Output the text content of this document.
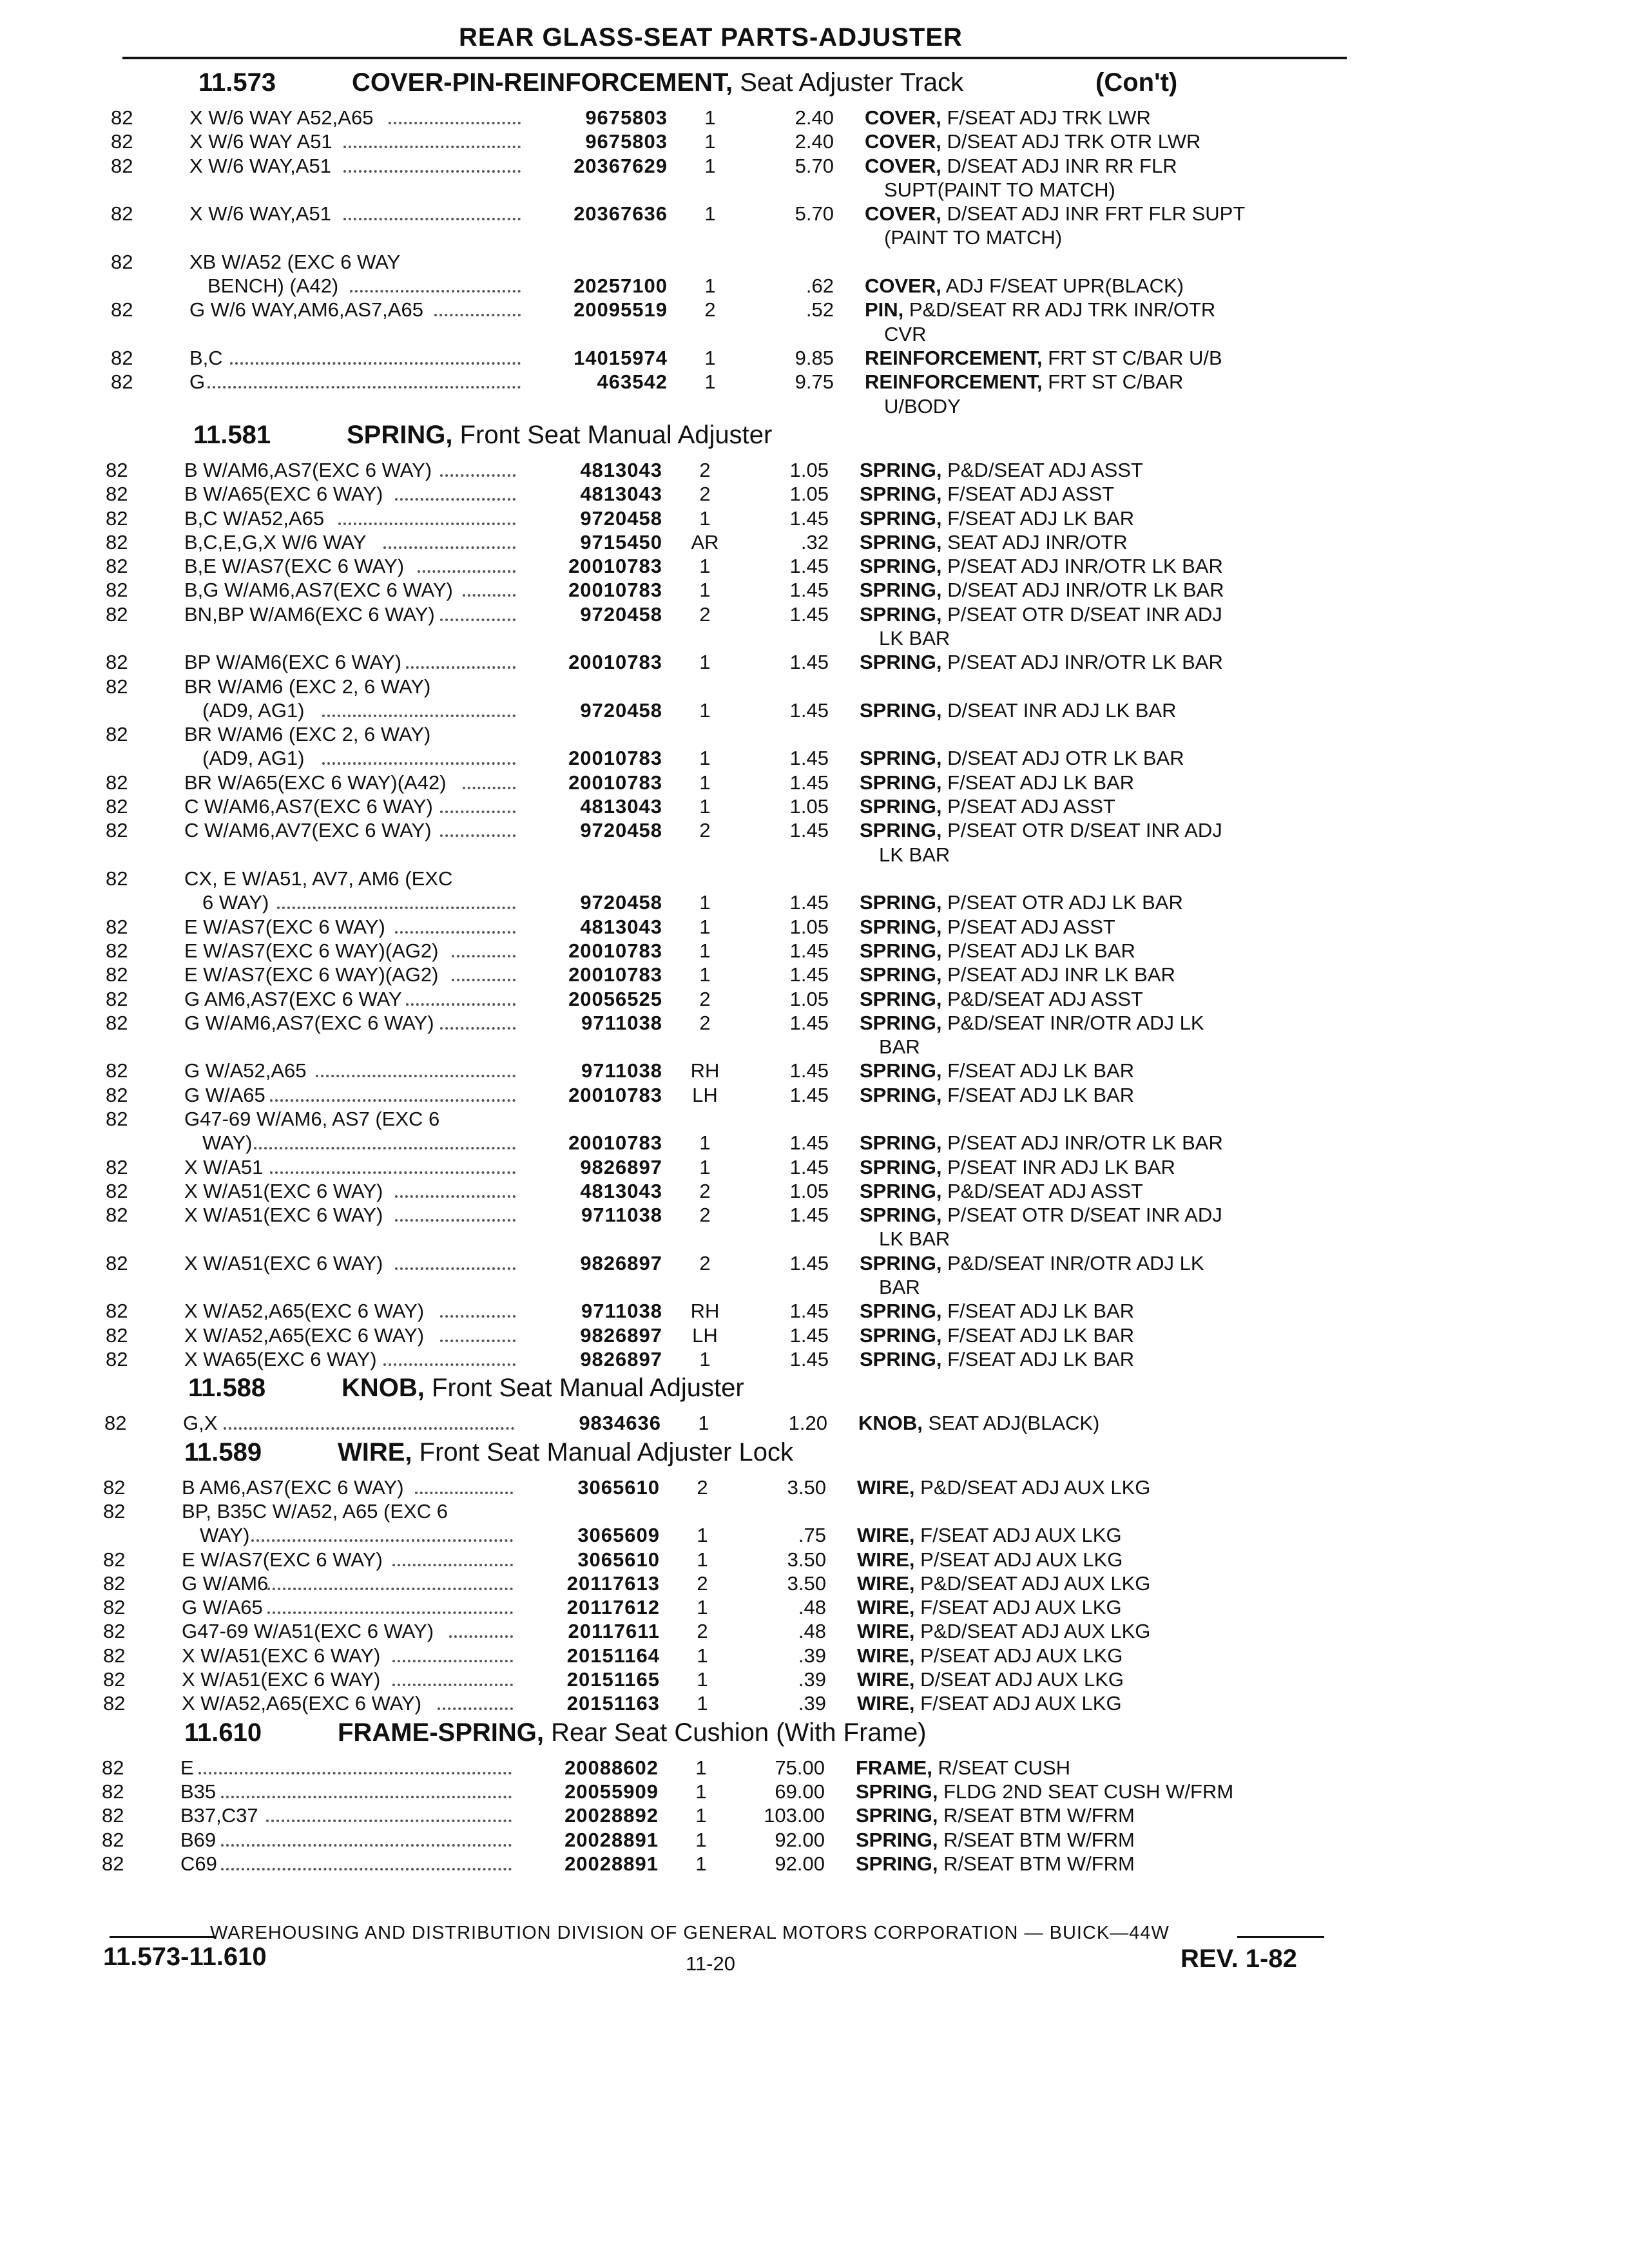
REAR GLASS-SEAT PARTS-ADJUSTER
11.573	COVER-PIN-REINFORCEMENT, Seat Adjuster Track	(Con't)
82	X W/6 WAY A52,A65	9675803	1	2.40 COVER, F/SEAT ADJ TRK LWR
82	X W/6 WAY A51	9675803	1	2.40 COVER, D/SEAT ADJ TRK OTR LWR
82	X W/6 WAY,A51	20367629	1	5.70 COVER, D/SEAT ADJ INR RR FLR
SUPT(PAINT TO MATCH)
82	X W/6 WAY,A51	20367636	1	5.70 COVER, D/SEAT ADJ INR FRT FLR SUPT
(PAINT TO MATCH)
82	XB W/A52 (EXC 6 WAY
BENCH) (A42)	20257100	1	.62 COVER, ADJ F/SEAT UPR(BLACK)
82	G W/6 WAY,AM6,AS7,A65	20095519	2	.52 PIN, P&D/SEAT RR ADJ TRK INR/OTR
CVR
82	B,C	14015974	1	9.85 REINFORCEMENT, FRT ST C/BAR U/B
82	G	463542	1	9.75 REINFORCEMENT, FRT ST C/BAR
U/BODY
11.581	SPRING, Front Seat Manual Adjuster
82	B W/AM6,AS7(EXC 6 WAY)	4813043	2	1.05 SPRING, P&D/SEAT ADJ ASST
82	B W/A65(EXC 6 WAY)	4813043	2	1.05 SPRING, F/SEAT ADJ ASST
82	B,C W/A52,A65	9720458	1	1.45 SPRING, F/SEAT ADJ LK BAR
82	B,C,E,G,X W/6 WAY	9715450 AR	.32 SPRING, SEAT ADJ INR/OTR
82	B,E W/AS7(EXC 6 WAY)	20010783	1	1.45 SPRING, P/SEAT ADJ INR/OTR LK BAR
82	B,G W/AM6,AS7(EXC 6 WAY)	20010783	1	1.45 SPRING, D/SEAT ADJ INR/OTR LK BAR
82	BN,BP W/AM6(EXC 6 WAY)	9720458	2	1.45 SPRING, P/SEAT OTR D/SEAT INR ADJ
LK BAR
82	BP W/AM6(EXC 6 WAY)	20010783	1	1.45 SPRING, P/SEAT ADJ INR/OTR LK BAR
82	BR W/AM6 (EXC 2, 6 WAY)
(AD9, AG1)	9720458	1	1.45 SPRING, D/SEAT INR ADJ LK BAR
82	BR W/AM6 (EXC 2, 6 WAY)
(AD9, AG1)	20010783	1	1.45 SPRING, D/SEAT ADJ OTR LK BAR
82	BR W/A65(EXC 6 WAY)(A42)	20010783	1	1.45 SPRING, F/SEAT ADJ LK BAR
82	C W/AM6,AS7(EXC 6 WAY)	4813043	1	1.05 SPRING, P/SEAT ADJ ASST
82	C W/AM6,AV7(EXC 6 WAY)	9720458	2	1.45 SPRING, P/SEAT OTR D/SEAT INR ADJ
LK BAR
82	CX, E W/A51, AV7, AM6 (EXC
6 WAY)	9720458	1	1.45 SPRING, P/SEAT OTR ADJ LK BAR
82	E W/AS7(EXC 6 WAY)	4813043	1	1.05 SPRING, P/SEAT ADJ ASST
82	E W/AS7(EXC 6 WAY)(AG2)	20010783	1	1.45 SPRING, P/SEAT ADJ LK BAR
82	E W/AS7(EXC 6 WAY)(AG2)	20010783	1	1.45 SPRING, P/SEAT ADJ INR LK BAR
82	G AM6,AS7(EXC 6 WAY	20056525	2	1.05 SPRING, P&D/SEAT ADJ ASST
82	G W/AM6,AS7(EXC 6 WAY)	9711038	2	1.45 SPRING, P&D/SEAT INR/OTR ADJ LK
BAR
82	G W/A52,A65	9711038 RH	1.45 SPRING, F/SEAT ADJ LK BAR
82	G W/A65	20010783	LH	1.45 SPRING, F/SEAT ADJ LK BAR
82	G47-69 W/AM6, AS7 (EXC 6
WAY)	20010783	1	1.45 SPRING, P/SEAT ADJ INR/OTR LK BAR
82	X W/A51	9826897	1	1.45 SPRING, P/SEAT INR ADJ LK BAR
82	X W/A51(EXC 6 WAY)	4813043	2	1.05 SPRING, P&D/SEAT ADJ ASST
82	X W/A51(EXC 6 WAY)	9711038	2	1.45 SPRING, P/SEAT OTR D/SEAT INR ADJ
LK BAR
82	X W/A51(EXC 6 WAY)	9826897	2	1.45 SPRING, P&D/SEAT INR/OTR ADJ LK
BAR
82	X W/A52,A65(EXC 6 WAY)	9711038 RH	1.45 SPRING, F/SEAT ADJ LK BAR
82	X W/A52,A65(EXC 6 WAY)	9826897	LH	1.45 SPRING, F/SEAT ADJ LK BAR
82	X WA65(EXC 6 WAY)	9826897	1	1.45 SPRING, F/SEAT ADJ LK BAR
11.588	KNOB, Front Seat Manual Adjuster
82	G,X	9834636	1	1.20 KNOB, SEAT ADJ(BLACK)
11.589	WIRE, Front Seat Manual Adjuster Lock
82	B AM6,AS7(EXC 6 WAY)	3065610	2	3.50 WIRE, P&D/SEAT ADJ AUX LKG
82	BP, B35C W/A52, A65 (EXC 6
WAY)	3065609	1	.75 WIRE, F/SEAT ADJ AUX LKG
82	E W/AS7(EXC 6 WAY)	3065610	1	3.50 WIRE, P/SEAT ADJ AUX LKG
82	G W/AM6	20117613	2	3.50 WIRE, P&D/SEAT ADJ AUX LKG
82	G W/A65	20117612	1	.48 WIRE, F/SEAT ADJ AUX LKG
82	G47-69 W/A51(EXC 6 WAY)	20117611	2	.48 WIRE, P&D/SEAT ADJ AUX LKG
82	X W/A51(EXC 6 WAY)	20151164	1	.39 WIRE, P/SEAT ADJ AUX LKG
82	X W/A51(EXC 6 WAY)	20151165	1	.39 WIRE, D/SEAT ADJ AUX LKG
82	X W/A52,A65(EXC 6 WAY)	20151163	1	.39 WIRE, F/SEAT ADJ AUX LKG
11.610	FRAME-SPRING, Rear Seat Cushion (With Frame)
82	E	20088602	1	75.00 FRAME, R/SEAT CUSH
82	B35	20055909	1	69.00 SPRING, FLDG 2ND SEAT CUSH W/FRM
82	B37,C37	20028892	1	103.00 SPRING, R/SEAT BTM W/FRM
82	B69	20028891	1	92.00 SPRING, R/SEAT BTM W/FRM
82	C69	20028891	1	92.00 SPRING, R/SEAT BTM W/FRM
WAREHOUSING AND DISTRIBUTION DIVISION OF GENERAL MOTORS CORPORATION — BUICK—44W
11.573-11.610	11-20	REV. 1-82
